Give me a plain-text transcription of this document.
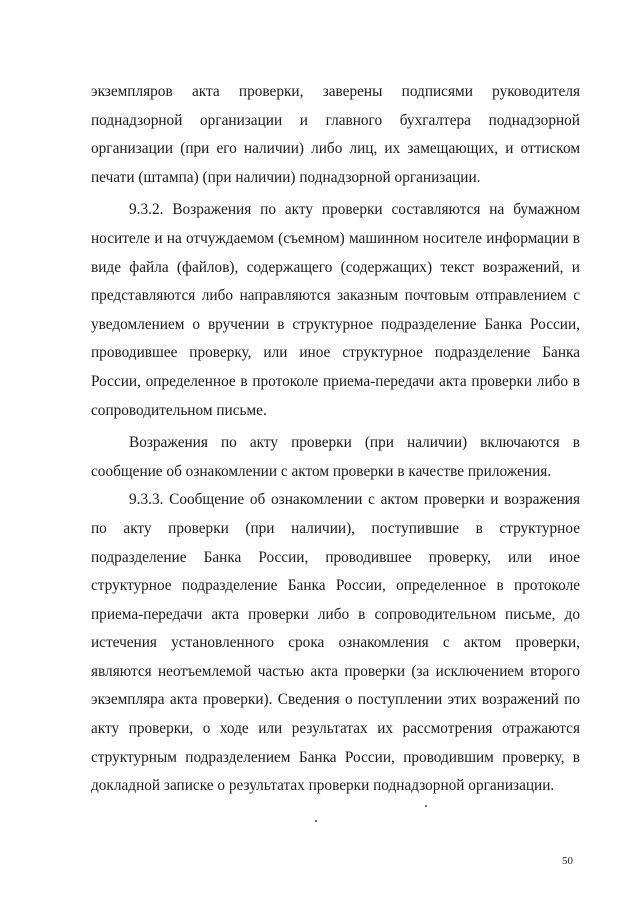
экземпляров акта проверки, заверены подписями руководителя поднадзорной организации и главного бухгалтера поднадзорной организации (при его наличии) либо лиц, их замещающих, и оттиском печати (штампа) (при наличии) поднадзорной организации.

9.3.2. Возражения по акту проверки составляются на бумажном носителе и на отчуждаемом (съемном) машинном носителе информации в виде файла (файлов), содержащего (содержащих) текст возражений, и представляются либо направляются заказным почтовым отправлением с уведомлением о вручении в структурное подразделение Банка России, проводившее проверку, или иное структурное подразделение Банка России, определенное в протоколе приема-передачи акта проверки либо в сопроводительном письме.

Возражения по акту проверки (при наличии) включаются в сообщение об ознакомлении с актом проверки в качестве приложения.

9.3.3. Сообщение об ознакомлении с актом проверки и возражения по акту проверки (при наличии), поступившие в структурное подразделение Банка России, проводившее проверку, или иное структурное подразделение Банка России, определенное в протоколе приема-передачи акта проверки либо в сопроводительном письме, до истечения установленного срока ознакомления с актом проверки, являются неотъемлемой частью акта проверки (за исключением второго экземпляра акта проверки). Сведения о поступлении этих возражений по акту проверки, о ходе или результатах их рассмотрения отражаются структурным подразделением Банка России, проводившим проверку, в докладной записке о результатах проверки поднадзорной организации.

50
